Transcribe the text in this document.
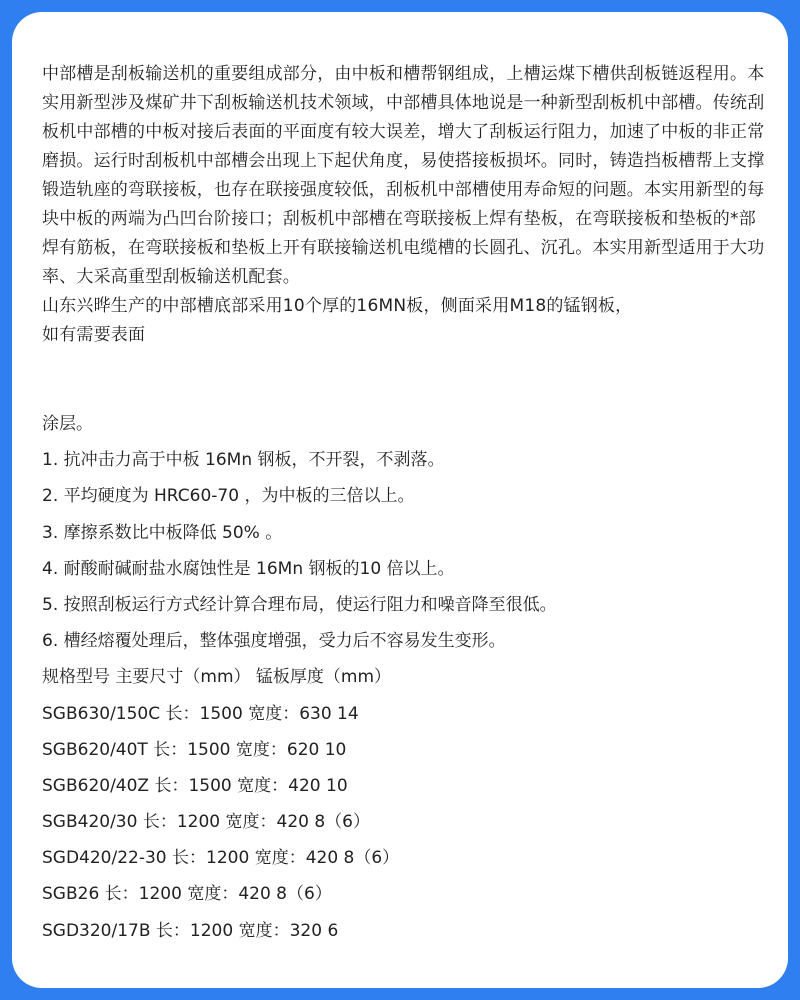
中部槽是刮板输送机的重要组成部分，由中板和槽帮钢组成，上槽运煤下槽供刮板链返程用。本实用新型涉及煤矿井下刮板输送机技术领域，中部槽具体地说是一种新型刮板机中部槽。传统刮板机中部槽的中板对接后表面的平面度有较大误差，增大了刮板运行阻力，加速了中板的非正常磨损。运行时刮板机中部槽会出现上下起伏角度，易使搭接板损坏。同时，铸造挡板槽帮上支撑锻造轨座的弯联接板，也存在联接强度较低，刮板机中部槽使用寿命短的问题。本实用新型的每块中板的两端为凸凹台阶接口；刮板机中部槽在弯联接板上焊有垫板，在弯联接板和垫板的*部焊有筋板，在弯联接板和垫板上开有联接输送机电缆槽的长圆孔、沉孔。本实用新型适用于大功率、大采高重型刮板输送机配套。

山东兴晔生产的中部槽底部采用10个厚的16MN板，侧面采用M18的锰钢板，

如有需要表面

涂层。
1. 抗冲击力高于中板 16Mn 钢板，不开裂，不剥落。
2. 平均硬度为 HRC60-70 ，为中板的三倍以上。
3. 摩擦系数比中板降低 50% 。
4. 耐酸耐碱耐盐水腐蚀性是 16Mn 钢板的10 倍以上。
5. 按照刮板运行方式经计算合理布局，使运行阻力和噪音降至很低。
6. 槽经熔覆处理后，整体强度增强，受力后不容易发生变形。
规格型号 主要尺寸（mm） 锰板厚度（mm）
SGB630/150C 长：1500 宽度：630 14
SGB620/40T 长：1500 宽度：620 10
SGB620/40Z 长：1500 宽度：420 10
SGB420/30 长：1200 宽度：420 8（6）
SGD420/22-30 长：1200 宽度：420 8（6）
SGB26 长：1200 宽度：420 8（6）
SGD320/17B 长：1200 宽度：320 6
